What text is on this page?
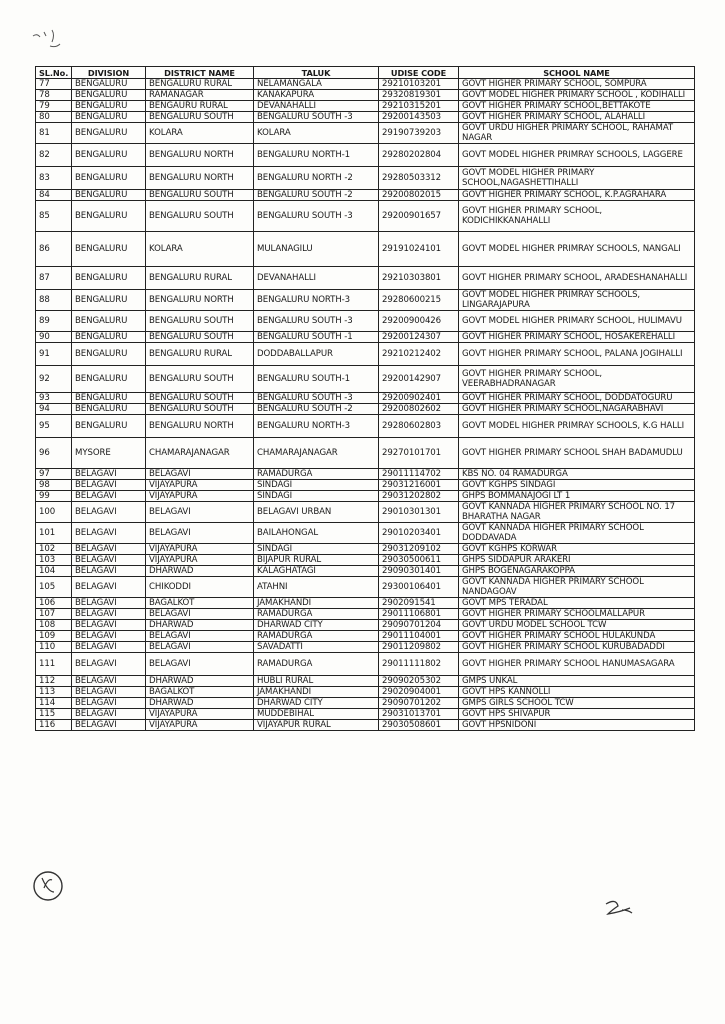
SL.No.	DIVISION	DISTRICT NAME	TALUK	UDISE CODE	SCHOOL NAME
77	BENGALURU	BENGALURU RURAL	NELAMANGALA	29210103201	GOVT HIGHER PRIMARY SCHOOL, SOMPURA
78	BENGALURU	RAMANAGAR	KANAKAPURA	29320819301	GOVT MODEL HIGHER PRIMARY SCHOOL , KODIHALLI
79	BENGALURU	BENGAURU RURAL	DEVANAHALLI	29210315201	GOVT HIGHER PRIMARY SCHOOL,BETTAKOTE
80	BENGALURU	BENGALURU SOUTH	BENGALURU SOUTH -3	29200143503	GOVT HIGHER PRIMARY SCHOOL, ALAHALLI
81	BENGALURU	KOLARA	KOLARA	29190739203	GOVT URDU HIGHER PRIMARY SCHOOL, RAHAMAT NAGAR
82	BENGALURU	BENGALURU NORTH	BENGALURU NORTH-1	29280202804	GOVT MODEL HIGHER PRIMRAY SCHOOLS, LAGGERE
83	BENGALURU	BENGALURU NORTH	BENGALURU NORTH -2	29280503312	GOVT MODEL HIGHER PRIMARY SCHOOL,NAGASHETTIHALLI
84	BENGALURU	BENGALURU SOUTH	BENGALURU SOUTH -2	29200802015	GOVT HIGHER PRIMARY SCHOOL, K.P.AGRAHARA
85	BENGALURU	BENGALURU SOUTH	BENGALURU SOUTH -3	29200901657	GOVT HIGHER PRIMARY SCHOOL, KODICHIKKANAHALLI
86	BENGALURU	KOLARA	MULANAGILU	29191024101	GOVT MODEL HIGHER PRIMRAY SCHOOLS, NANGALI
87	BENGALURU	BENGALURU RURAL	DEVANAHALLI	29210303801	GOVT HIGHER PRIMARY SCHOOL, ARADESHANAHALLI
88	BENGALURU	BENGALURU NORTH	BENGALURU NORTH-3	29280600215	GOVT MODEL HIGHER PRIMRAY SCHOOLS, LINGARAJAPURA
89	BENGALURU	BENGALURU SOUTH	BENGALURU SOUTH -3	29200900426	GOVT MODEL HIGHER PRIMARY SCHOOL, HULIMAVU
90	BENGALURU	BENGALURU SOUTH	BENGALURU SOUTH -1	29200124307	GOVT HIGHER PRIMARY SCHOOL, HOSAKEREHALLI
91	BENGALURU	BENGALURU RURAL	DODDABALLAPUR	29210212402	GOVT HIGHER PRIMARY SCHOOL, PALANA JOGIHALLI
92	BENGALURU	BENGALURU SOUTH	BENGALURU SOUTH-1	29200142907	GOVT HIGHER PRIMARY SCHOOL, VEERABHADRANAGAR
93	BENGALURU	BENGALURU SOUTH	BENGALURU SOUTH -3	29200902401	GOVT HIGHER PRIMARY SCHOOL, DODDATOGURU
94	BENGALURU	BENGALURU SOUTH	BENGALURU SOUTH -2	29200802602	GOVT HIGHER PRIMARY SCHOOL,NAGARABHAVI
95	BENGALURU	BENGALURU NORTH	BENGALURU NORTH-3	29280602803	GOVT MODEL HIGHER PRIMRAY SCHOOLS, K.G HALLI
96	MYSORE	CHAMARAJANAGAR	CHAMARAJANAGAR	29270101701	GOVT HIGHER PRIMARY SCHOOL SHAH BADAMUDLU
97	BELAGAVI	BELAGAVI	RAMADURGA	29011114702	KBS NO. 04 RAMADURGA
98	BELAGAVI	VIJAYAPURA	SINDAGI	29031216001	GOVT KGHPS SINDAGI
99	BELAGAVI	VIJAYAPURA	SINDAGI	29031202802	GHPS BOMMANAJOGI LT 1
100	BELAGAVI	BELAGAVI	BELAGAVI URBAN	29010301301	GOVT KANNADA HIGHER PRIMARY SCHOOL NO. 17 BHARATHA NAGAR
101	BELAGAVI	BELAGAVI	BAILAHONGAL	29010203401	GOVT KANNADA HIGHER PRIMARY SCHOOL DODDAVADA
102	BELAGAVI	VIJAYAPURA	SINDAGI	29031209102	GOVT KGHPS KORWAR
103	BELAGAVI	VIJAYAPURA	BIJAPUR RURAL	29030500611	GHPS SIDDAPUR ARAKERI
104	BELAGAVI	DHARWAD	KALAGHATAGI	29090301401	GHPS BOGENAGARAKOPPA
105	BELAGAVI	CHIKODDI	ATAHNI	29300106401	GOVT KANNADA HIGHER PRIMARY SCHOOL NANDAGOAV
106	BELAGAVI	BAGALKOT	JAMAKHANDI	2902091541	GOVT MPS TERADAL
107	BELAGAVI	BELAGAVI	RAMADURGA	29011106801	GOVT HIGHER PRIMARY SCHOOLMALLAPUR
108	BELAGAVI	DHARWAD	DHARWAD CITY	29090701204	GOVT URDU MODEL SCHOOL TCW
109	BELAGAVI	BELAGAVI	RAMADURGA	29011104001	GOVT HIGHER PRIMARY SCHOOL HULAKUNDA
110	BELAGAVI	BELAGAVI	SAVADATTI	29011209802	GOVT HIGHER PRIMARY SCHOOL KURUBADADDI
111	BELAGAVI	BELAGAVI	RAMADURGA	29011111802	GOVT HIGHER PRIMARY SCHOOL HANUMASAGARA
112	BELAGAVI	DHARWAD	HUBLI RURAL	29090205302	GMPS UNKAL
113	BELAGAVI	BAGALKOT	JAMAKHANDI	29020904001	GOVT HPS KANNOLLI
114	BELAGAVI	DHARWAD	DHARWAD CITY	29090701202	GMPS GIRLS SCHOOL TCW
115	BELAGAVI	VIJAYAPURA	MUDDEBIHAL	29031013701	GOVT HPS SHIVAPUR
116	BELAGAVI	VIJAYAPURA	VIJAYAPUR RURAL	29030508601	GOVT HPSNIDONI
